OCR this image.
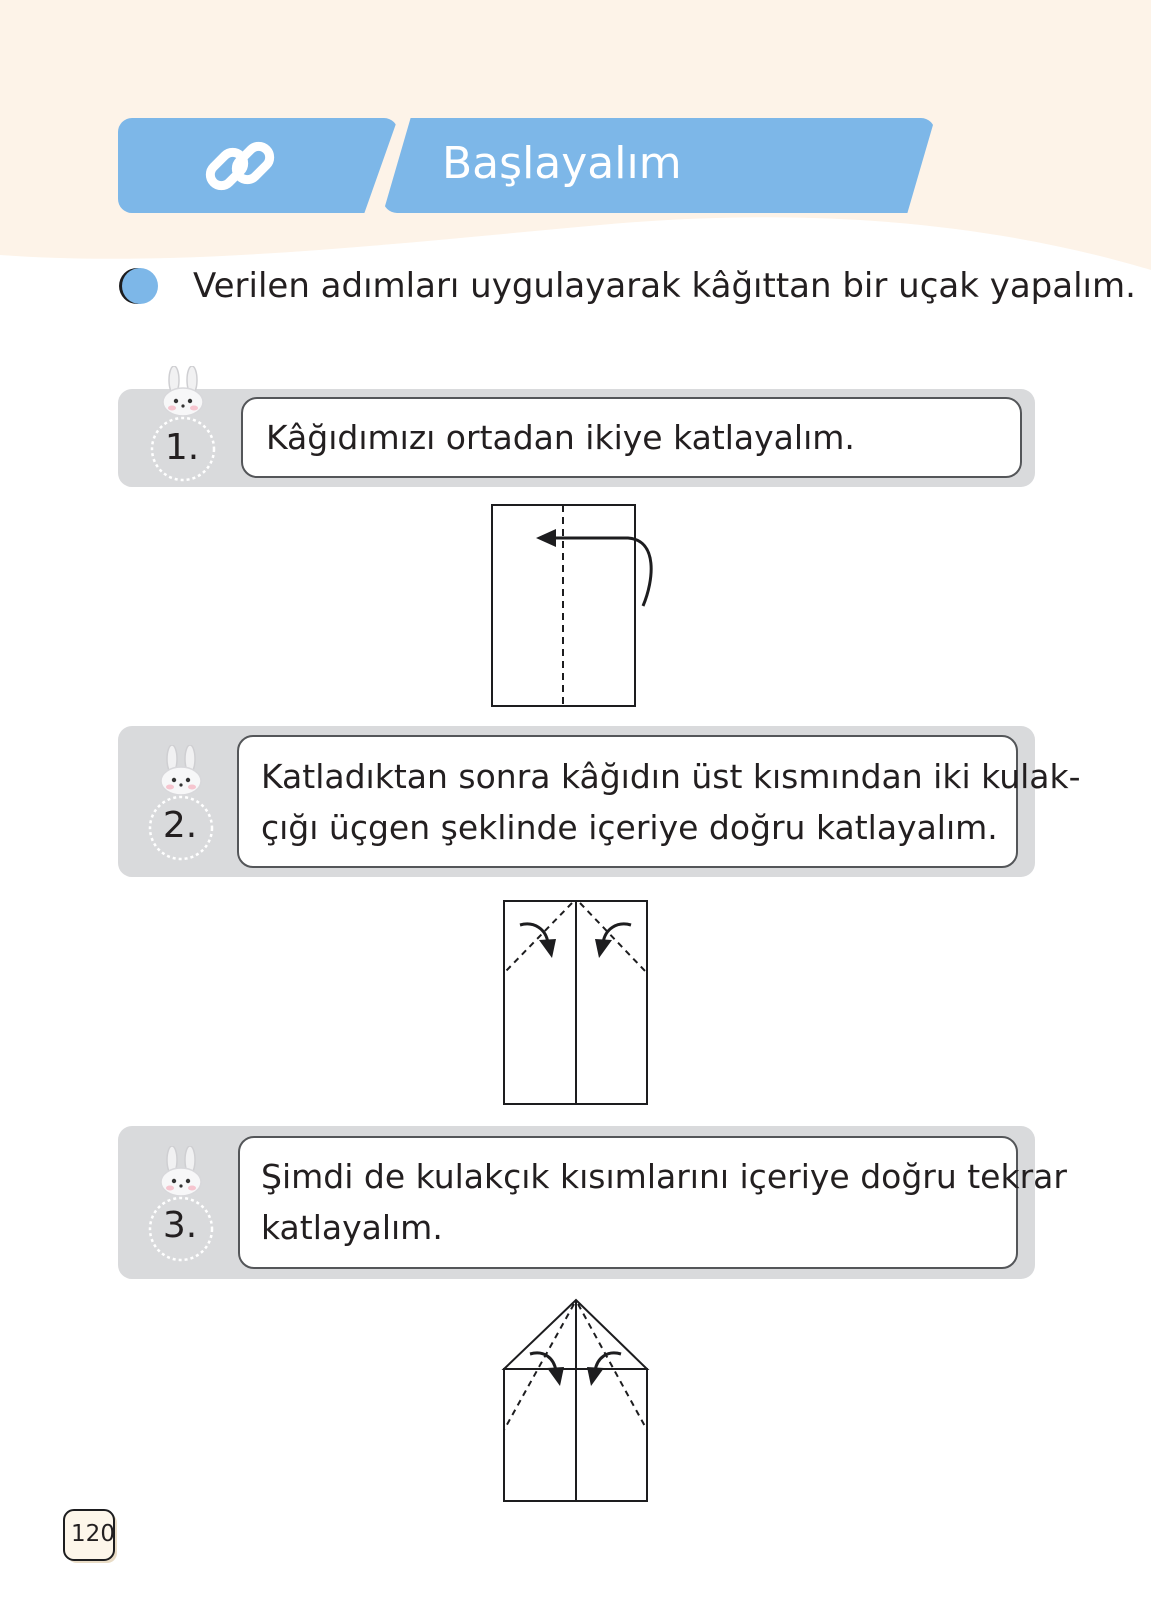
Başlayalım
Verilen adımları uygulayarak kâğıttan bir uçak yapalım.
Kâğıdımızı ortadan ikiye katlayalım.
1.
Katladıktan sonra kâğıdın üst kısmından iki kulak-
çığı üçgen şeklinde içeriye doğru katlayalım.
2.
Şimdi de kulakçık kısımlarını içeriye doğru tekrar
katlayalım.
3.
120
